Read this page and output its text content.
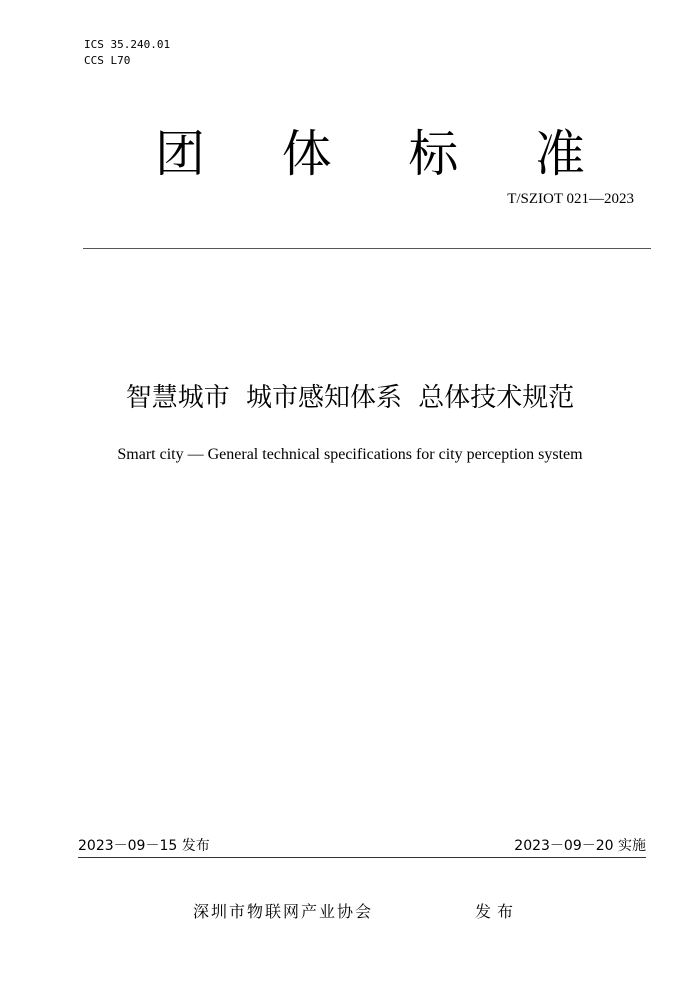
ICS 35.240.01
CCS L70
团 体 标 准
T/SZIOT 021—2023
智慧城市 城市感知体系 总体技术规范
Smart city — General technical specifications for city perception system
2023－09－15 发布	2023－09－20 实施
深圳市物联网产业协会	发布
